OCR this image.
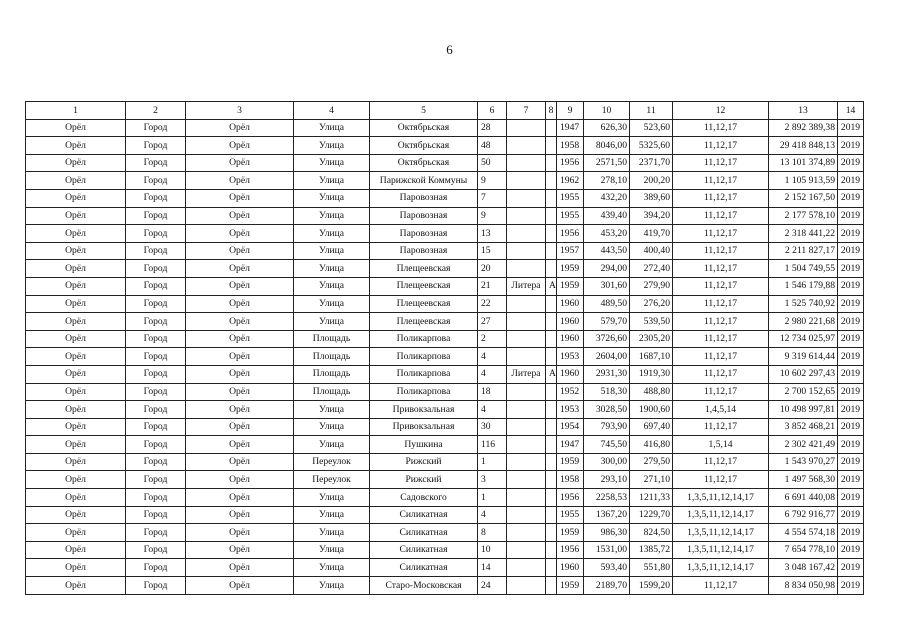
6
1	2	3	4	5	6	7	8	9	10	11	12	13	14
Орёл	Город	Орёл	Улица	Октябрьская	28			1947	626,30	523,60	11,12,17	2 892 389,38	2019
Орёл	Город	Орёл	Улица	Октябрьская	48			1958	8046,00	5325,60	11,12,17	29 418 848,13	2019
Орёл	Город	Орёл	Улица	Октябрьская	50			1956	2571,50	2371,70	11,12,17	13 101 374,89	2019
Орёл	Город	Орёл	Улица	Парижской Коммуны	9			1962	278,10	200,20	11,12,17	1 105 913,59	2019
Орёл	Город	Орёл	Улица	Паровозная	7			1955	432,20	389,60	11,12,17	2 152 167,50	2019
Орёл	Город	Орёл	Улица	Паровозная	9			1955	439,40	394,20	11,12,17	2 177 578,10	2019
Орёл	Город	Орёл	Улица	Паровозная	13			1956	453,20	419,70	11,12,17	2 318 441,22	2019
Орёл	Город	Орёл	Улица	Паровозная	15			1957	443,50	400,40	11,12,17	2 211 827,17	2019
Орёл	Город	Орёл	Улица	Плещеевская	20			1959	294,00	272,40	11,12,17	1 504 749,55	2019
Орёл	Город	Орёл	Улица	Плещеевская	21	Литера	А	1959	301,60	279,90	11,12,17	1 546 179,88	2019
Орёл	Город	Орёл	Улица	Плещеевская	22			1960	489,50	276,20	11,12,17	1 525 740,92	2019
Орёл	Город	Орёл	Улица	Плещеевская	27			1960	579,70	539,50	11,12,17	2 980 221,68	2019
Орёл	Город	Орёл	Площадь	Поликарпова	2			1960	3726,60	2305,20	11,12,17	12 734 025,97	2019
Орёл	Город	Орёл	Площадь	Поликарпова	4			1953	2604,00	1687,10	11,12,17	9 319 614,44	2019
Орёл	Город	Орёл	Площадь	Поликарпова	4	Литера	А	1960	2931,30	1919,30	11,12,17	10 602 297,43	2019
Орёл	Город	Орёл	Площадь	Поликарпова	18			1952	518,30	488,80	11,12,17	2 700 152,65	2019
Орёл	Город	Орёл	Улица	Привокзальная	4			1953	3028,50	1900,60	1,4,5,14	10 498 997,81	2019
Орёл	Город	Орёл	Улица	Привокзальная	30			1954	793,90	697,40	11,12,17	3 852 468,21	2019
Орёл	Город	Орёл	Улица	Пушкина	116			1947	745,50	416,80	1,5,14	2 302 421,49	2019
Орёл	Город	Орёл	Переулок	Рижский	1			1959	300,00	279,50	11,12,17	1 543 970,27	2019
Орёл	Город	Орёл	Переулок	Рижский	3			1958	293,10	271,10	11,12,17	1 497 568,30	2019
Орёл	Город	Орёл	Улица	Садовского	1			1956	2258,53	1211,33	1,3,5,11,12,14,17	6 691 440,08	2019
Орёл	Город	Орёл	Улица	Силикатная	4			1955	1367,20	1229,70	1,3,5,11,12,14,17	6 792 916,77	2019
Орёл	Город	Орёл	Улица	Силикатная	8			1959	986,30	824,50	1,3,5,11,12,14,17	4 554 574,18	2019
Орёл	Город	Орёл	Улица	Силикатная	10			1956	1531,00	1385,72	1,3,5,11,12,14,17	7 654 778,10	2019
Орёл	Город	Орёл	Улица	Силикатная	14			1960	593,40	551,80	1,3,5,11,12,14,17	3 048 167,42	2019
Орёл	Город	Орёл	Улица	Старо-Московская	24			1959	2189,70	1599,20	11,12,17	8 834 050,98	2019
